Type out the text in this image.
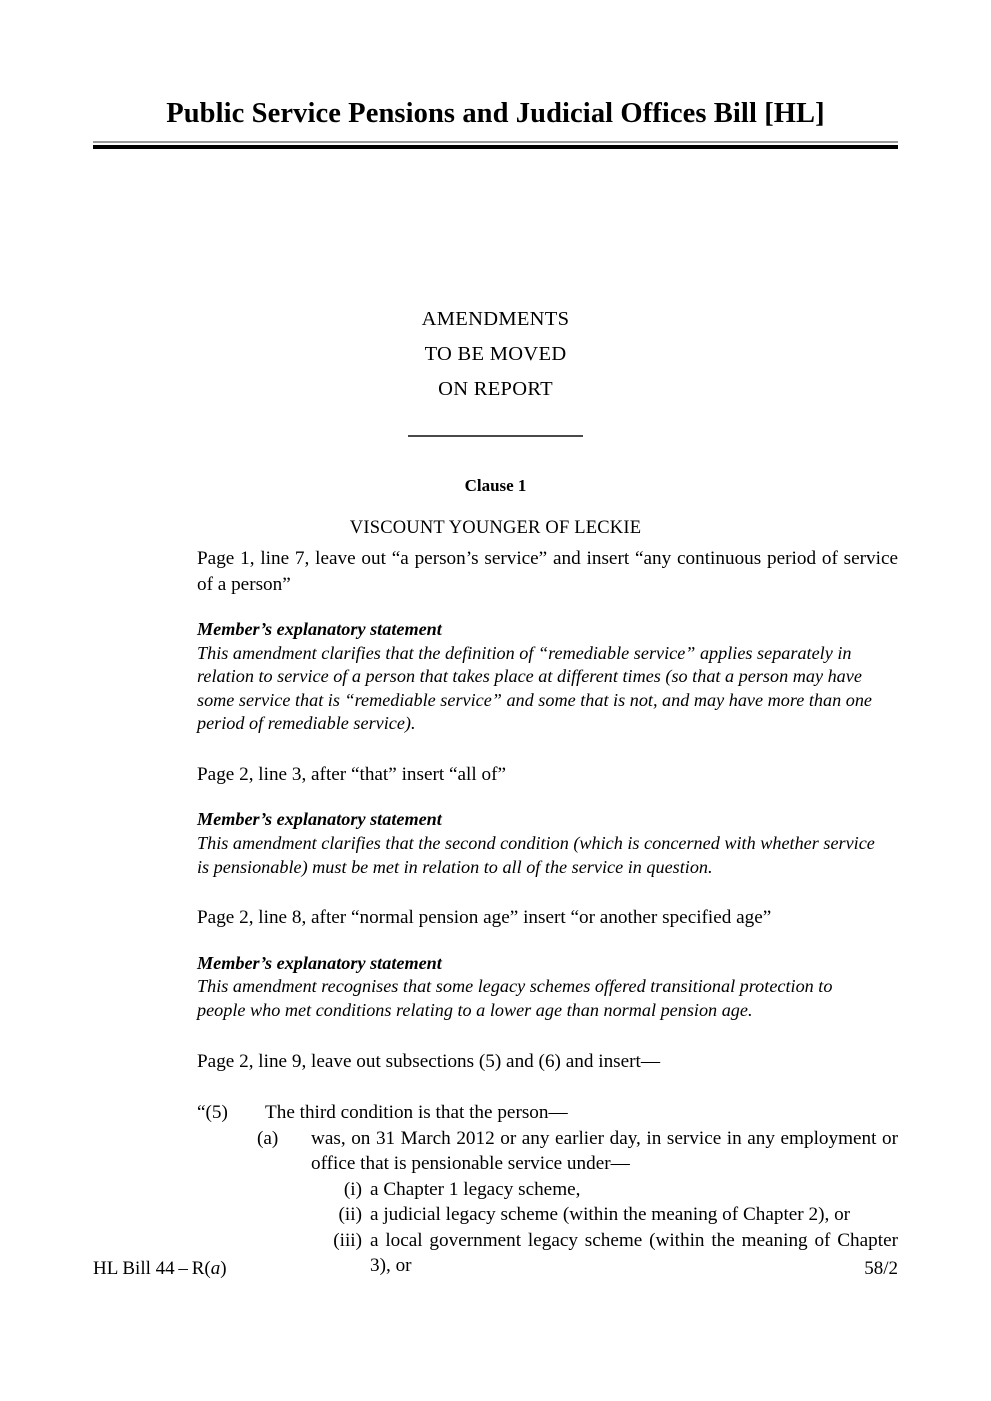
Public Service Pensions and Judicial Offices Bill [HL]
AMENDMENTS
TO BE MOVED
ON REPORT
Clause 1
VISCOUNT YOUNGER OF LECKIE

Page 1, line 7, leave out “a person’s service” and insert “any continuous period of service of a person”

Member’s explanatory statement
This amendment clarifies that the definition of “remediable service” applies separately in relation to service of a person that takes place at different times (so that a person may have some service that is “remediable service” and some that is not, and may have more than one period of remediable service).

Page 2, line 3, after “that” insert “all of”

Member’s explanatory statement
This amendment clarifies that the second condition (which is concerned with whether service is pensionable) must be met in relation to all of the service in question.

Page 2, line 8, after “normal pension age” insert “or another specified age”

Member’s explanatory statement
This amendment recognises that some legacy schemes offered transitional protection to people who met conditions relating to a lower age than normal pension age.

Page 2, line 9, leave out subsections (5) and (6) and insert—

“(5)	The third condition is that the person—
(a)	was, on 31 March 2012 or any earlier day, in service in any employment or office that is pensionable service under—
(i) a Chapter 1 legacy scheme,
(ii) a judicial legacy scheme (within the meaning of Chapter 2), or
(iii) a local government legacy scheme (within the meaning of Chapter 3), or
HL Bill 44 – R(a)	58/2
